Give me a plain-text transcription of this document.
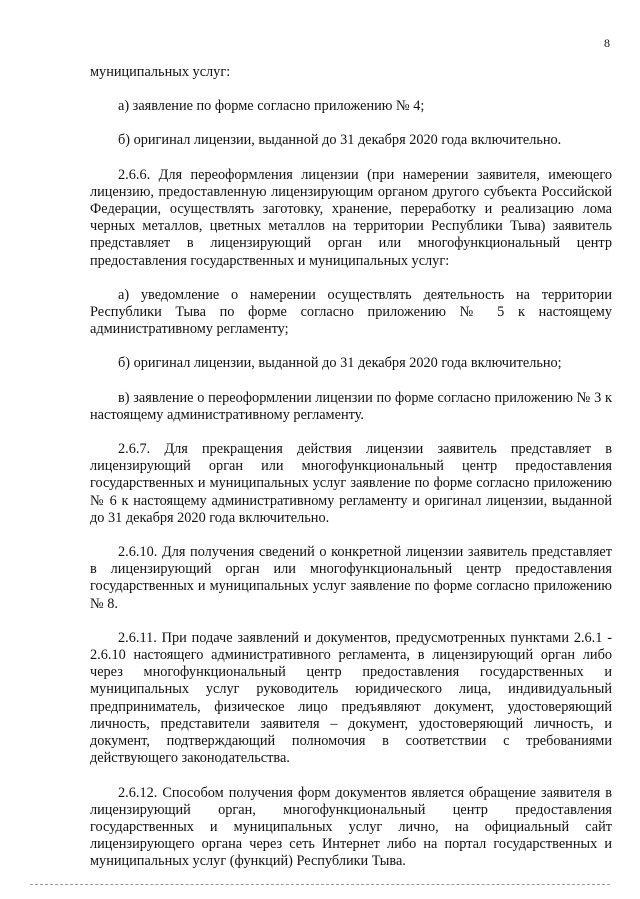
8

муниципальных услуг:

а) заявление по форме согласно приложению № 4;

б) оригинал лицензии, выданной до 31 декабря 2020 года включительно.

2.6.6. Для переоформления лицензии (при намерении заявителя, имеющего лицензию, предоставленную лицензирующим органом другого субъекта Российской Федерации, осуществлять заготовку, хранение, переработку и реализацию лома черных металлов, цветных металлов на территории Республики Тыва) заявитель представляет в лицензирующий орган или многофункциональный центр предоставления государственных и муниципальных услуг:

а) уведомление о намерении осуществлять деятельность на территории Республики Тыва по форме согласно приложению № 5 к настоящему административному регламенту;

б) оригинал лицензии, выданной до 31 декабря 2020 года включительно;

в) заявление о переоформлении лицензии по форме согласно приложению № 3 к настоящему административному регламенту.

2.6.7. Для прекращения действия лицензии заявитель представляет в лицензирующий орган или многофункциональный центр предоставления государственных и муниципальных услуг заявление по форме согласно приложению № 6 к настоящему административному регламенту и оригинал лицензии, выданной до 31 декабря 2020 года включительно.

2.6.10. Для получения сведений о конкретной лицензии заявитель представляет в лицензирующий орган или многофункциональный центр предоставления государственных и муниципальных услуг заявление по форме согласно приложению № 8.

2.6.11. При подаче заявлений и документов, предусмотренных пунктами 2.6.1 - 2.6.10 настоящего административного регламента, в лицензирующий орган либо через многофункциональный центр предоставления государственных и муниципальных услуг руководитель юридического лица, индивидуальный предприниматель, физическое лицо предъявляют документ, удостоверяющий личность, представители заявителя – документ, удостоверяющий личность, и документ, подтверждающий полномочия в соответствии с требованиями действующего законодательства.

2.6.12. Способом получения форм документов является обращение заявителя в лицензирующий орган, многофункциональный центр предоставления государственных и муниципальных услуг лично, на официальный сайт лицензирующего органа через сеть Интернет либо на портал государственных и муниципальных услуг (функций) Республики Тыва.
